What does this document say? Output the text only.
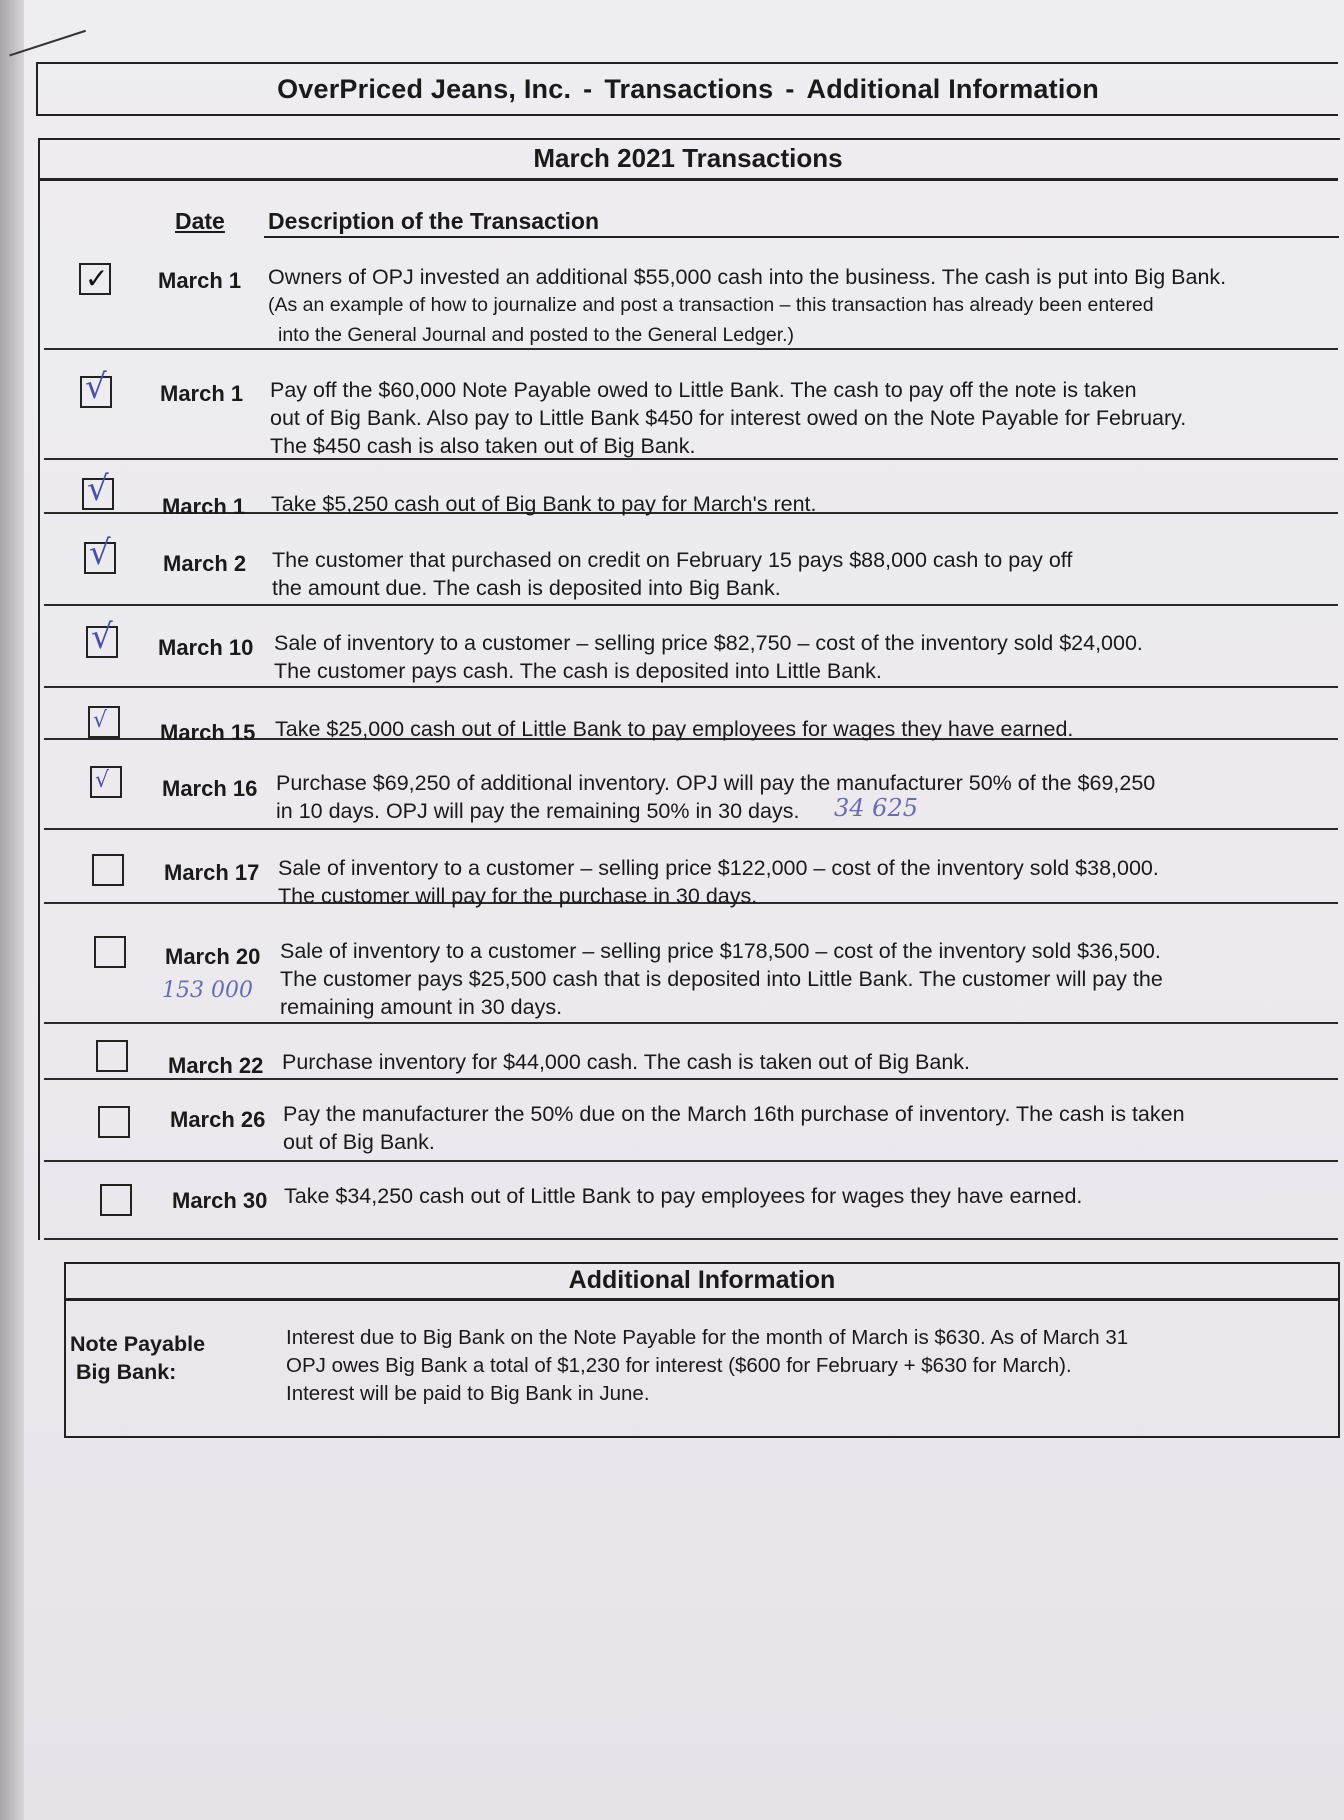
OverPriced Jeans, Inc. - Transactions - Additional Information
March 2021 Transactions
Date Description of the Transaction
✓ March 1 Owners of OPJ invested an additional $55,000 cash into the business. The cash is put into Big Bank.
(As an example of how to journalize and post a transaction – this transaction has already been entered
into the General Journal and posted to the General Ledger.)
√ March 1 Pay off the $60,000 Note Payable owed to Little Bank. The cash to pay off the note is taken
out of Big Bank. Also pay to Little Bank $450 for interest owed on the Note Payable for February.
The $450 cash is also taken out of Big Bank.
√ March 1 Take $5,250 cash out of Big Bank to pay for March's rent.
√ March 2 The customer that purchased on credit on February 15 pays $88,000 cash to pay off
the amount due. The cash is deposited into Big Bank.
√ March 10 Sale of inventory to a customer – selling price $82,750 – cost of the inventory sold $24,000.
The customer pays cash. The cash is deposited into Little Bank.
√ March 15 Take $25,000 cash out of Little Bank to pay employees for wages they have earned.
√ March 16 Purchase $69,250 of additional inventory. OPJ will pay the manufacturer 50% of the $69,250
in 10 days. OPJ will pay the remaining 50% in 30 days. 34 625
March 17 Sale of inventory to a customer – selling price $122,000 – cost of the inventory sold $38,000.
The customer will pay for the purchase in 30 days.
March 20
153 000
Sale of inventory to a customer – selling price $178,500 – cost of the inventory sold $36,500.
The customer pays $25,500 cash that is deposited into Little Bank. The customer will pay the
remaining amount in 30 days.
March 22 Purchase inventory for $44,000 cash. The cash is taken out of Big Bank.
March 26 Pay the manufacturer the 50% due on the March 16th purchase of inventory. The cash is taken
out of Big Bank.
March 30 Take $34,250 cash out of Little Bank to pay employees for wages they have earned.
Additional Information
Note Payable
Big Bank:
Interest due to Big Bank on the Note Payable for the month of March is $630. As of March 31
OPJ owes Big Bank a total of $1,230 for interest ($600 for February + $630 for March).
Interest will be paid to Big Bank in June.
